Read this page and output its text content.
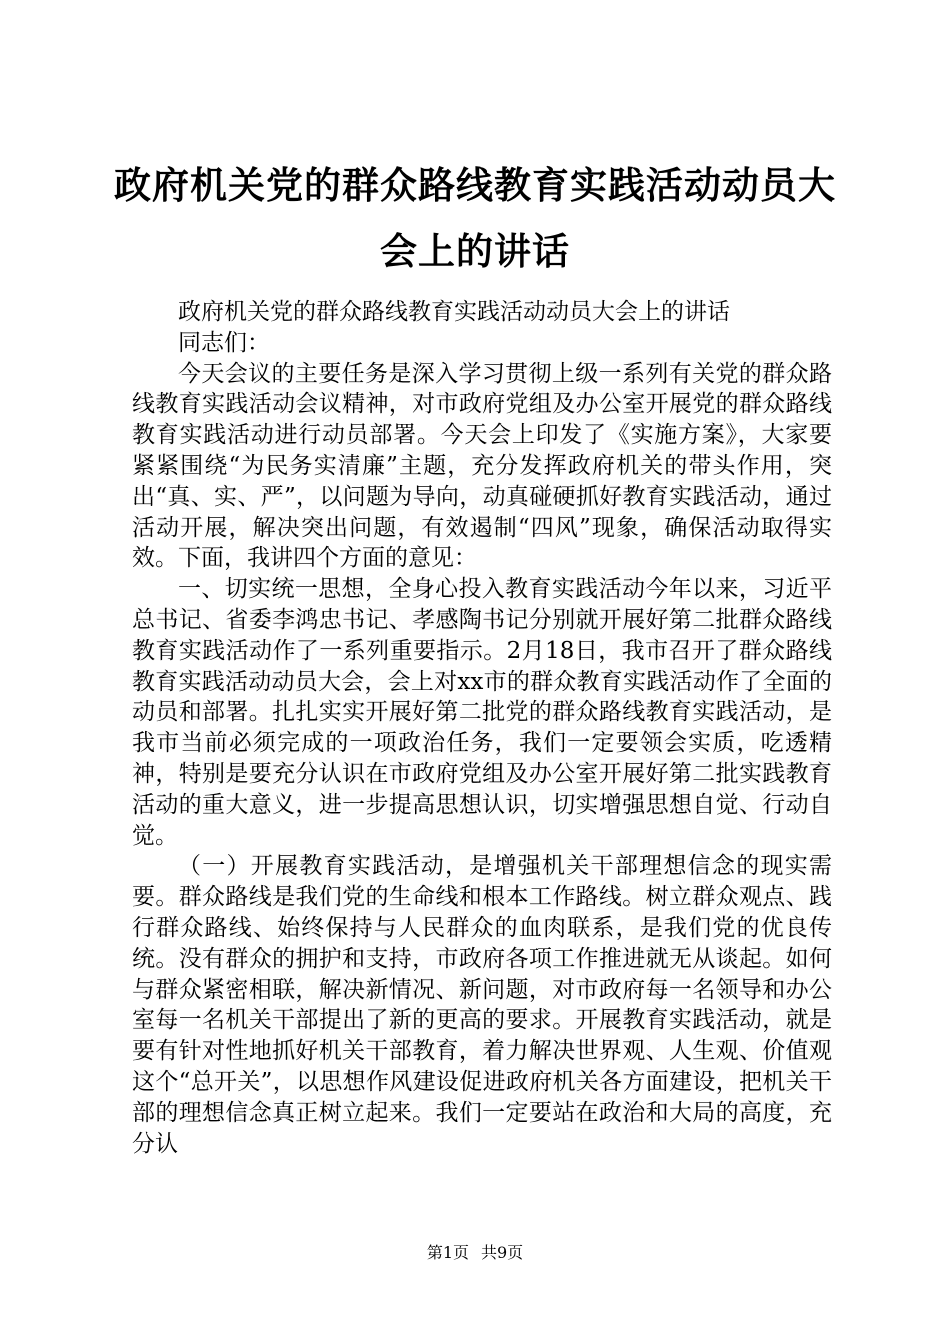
政府机关党的群众路线教育实践活动动员大会上的讲话

政府机关党的群众路线教育实践活动动员大会上的讲话

同志们：

今天会议的主要任务是深入学习贯彻上级一系列有关党的群众路线教育实践活动会议精神，对市政府党组及办公室开展党的群众路线教育实践活动进行动员部署。今天会上印发了《实施方案》，大家要紧紧围绕“为民务实清廉”主题，充分发挥政府机关的带头作用，突出“真、实、严”，以问题为导向，动真碰硬抓好教育实践活动，通过活动开展，解决突出问题，有效遏制“四风”现象，确保活动取得实效。下面，我讲四个方面的意见：

一、切实统一思想，全身心投入教育实践活动今年以来，习近平总书记、省委李鸿忠书记、孝感陶书记分别就开展好第二批群众路线教育实践活动作了一系列重要指示。2月18日，我市召开了群众路线教育实践活动动员大会，会上对xx市的群众教育实践活动作了全面的动员和部署。扎扎实实开展好第二批党的群众路线教育实践活动，是我市当前必须完成的一项政治任务，我们一定要领会实质，吃透精神，特别是要充分认识在市政府党组及办公室开展好第二批实践教育活动的重大意义，进一步提高思想认识，切实增强思想自觉、行动自觉。

（一）开展教育实践活动，是增强机关干部理想信念的现实需要。群众路线是我们党的生命线和根本工作路线。树立群众观点、践行群众路线、始终保持与人民群众的血肉联系，是我们党的优良传统。没有群众的拥护和支持，市政府各项工作推进就无从谈起。如何与群众紧密相联，解决新情况、新问题，对市政府每一名领导和办公室每一名机关干部提出了新的更高的要求。开展教育实践活动，就是要有针对性地抓好机关干部教育，着力解决世界观、人生观、价值观这个“总开关”，以思想作风建设促进政府机关各方面建设，把机关干部的理想信念真正树立起来。我们一定要站在政治和大局的高度，充分认

第1页 共9页
